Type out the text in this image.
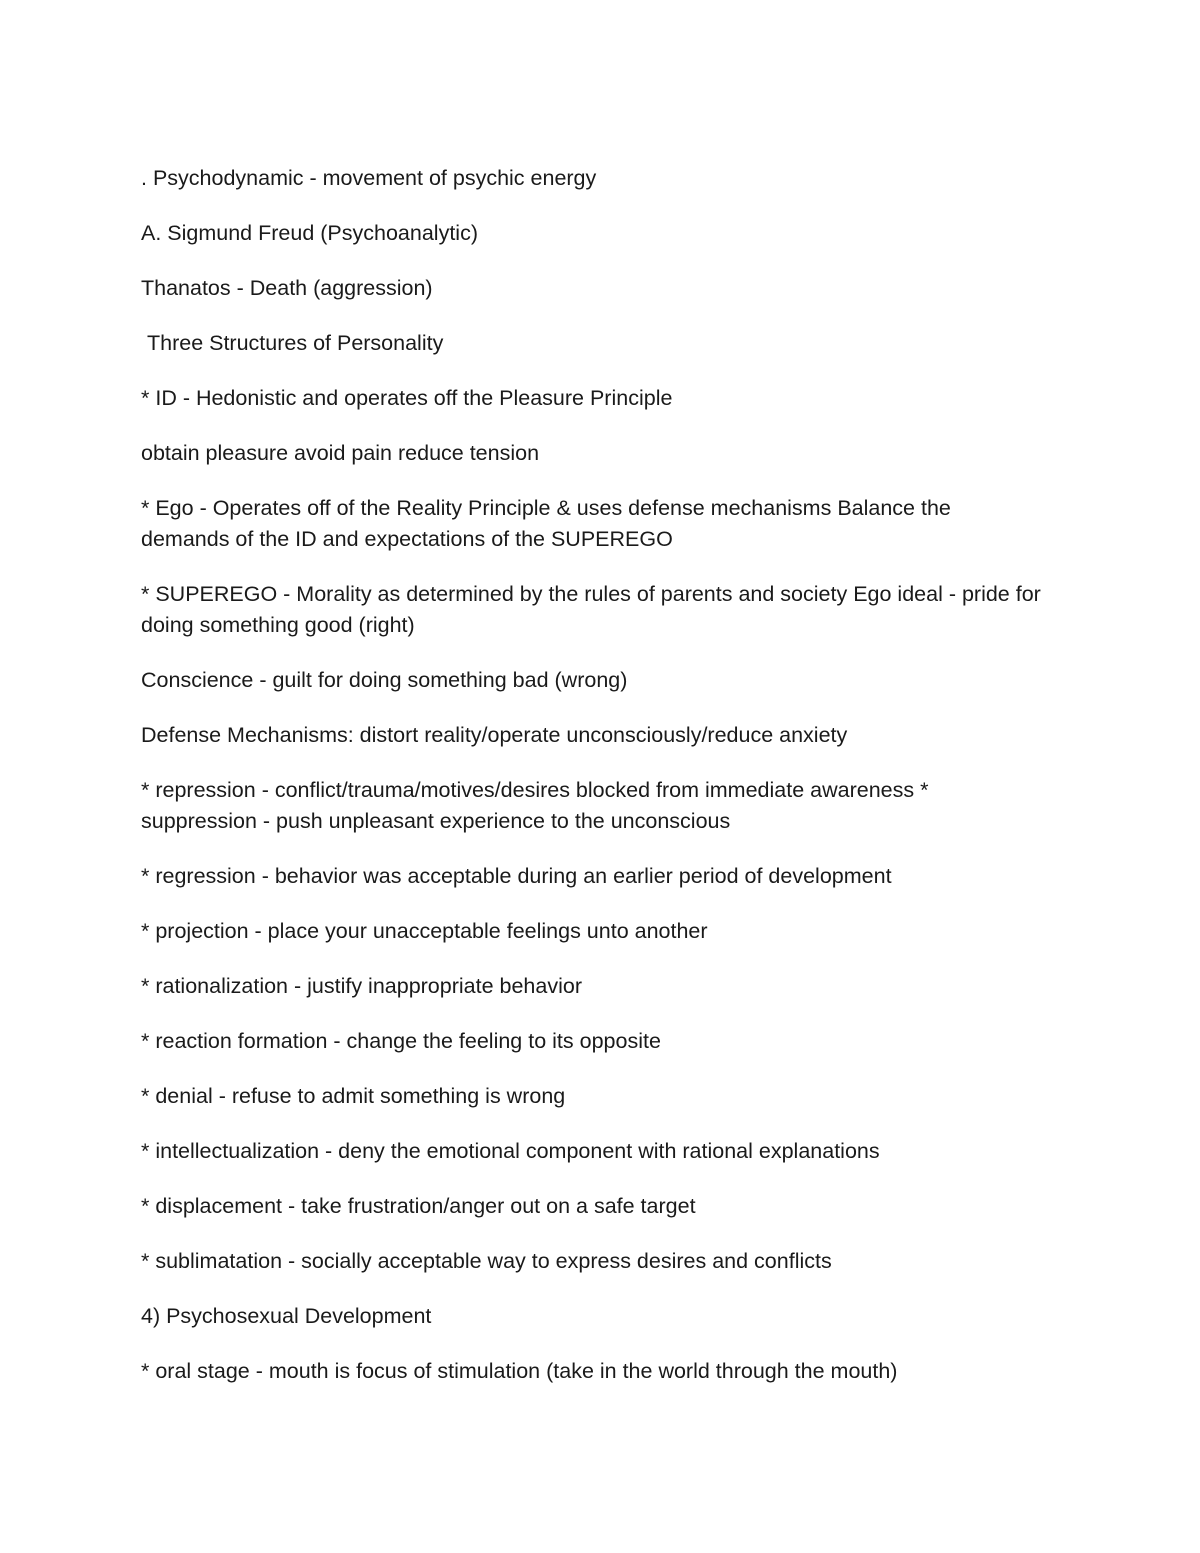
. Psychodynamic - movement of psychic energy

A. Sigmund Freud (Psychoanalytic)

Thanatos - Death (aggression)

Three Structures of Personality

* ID - Hedonistic and operates off the Pleasure Principle

obtain pleasure avoid pain reduce tension

* Ego - Operates off of the Reality Principle & uses defense mechanisms Balance the demands of the ID and expectations of the SUPEREGO

* SUPEREGO - Morality as determined by the rules of parents and society Ego ideal - pride for doing something good (right)

Conscience - guilt for doing something bad (wrong)

Defense Mechanisms: distort reality/operate unconsciously/reduce anxiety

* repression - conflict/trauma/motives/desires blocked from immediate awareness * suppression - push unpleasant experience to the unconscious

* regression - behavior was acceptable during an earlier period of development

* projection - place your unacceptable feelings unto another

* rationalization - justify inappropriate behavior

* reaction formation - change the feeling to its opposite

* denial - refuse to admit something is wrong

* intellectualization - deny the emotional component with rational explanations

* displacement - take frustration/anger out on a safe target

* sublimatation - socially acceptable way to express desires and conflicts

4) Psychosexual Development

* oral stage - mouth is focus of stimulation (take in the world through the mouth)
